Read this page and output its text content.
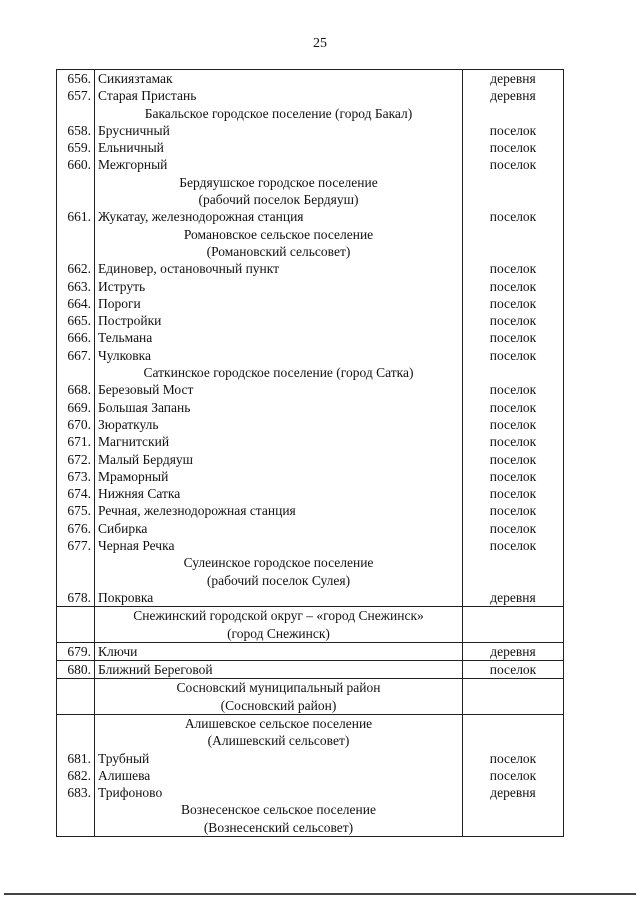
25
656.	Сикиязтамак	деревня
657.	Старая Пристань	деревня
	Бакальское городское поселение (город Бакал)	
658.	Брусничный	поселок
659.	Ельничный	поселок
660.	Межгорный	поселок
	Бердяушское городское поселение	
	(рабочий поселок Бердяуш)	
661.	Жукатау, железнодорожная станция	поселок
	Романовское сельское поселение	
	(Романовский сельсовет)	
662.	Единовер, остановочный пункт	поселок
663.	Иструть	поселок
664.	Пороги	поселок
665.	Постройки	поселок
666.	Тельмана	поселок
667.	Чулковка	поселок
	Саткинское городское поселение (город Сатка)	
668.	Березовый Мост	поселок
669.	Большая Запань	поселок
670.	Зюраткуль	поселок
671.	Магнитский	поселок
672.	Малый Бердяуш	поселок
673.	Мраморный	поселок
674.	Нижняя Сатка	поселок
675.	Речная, железнодорожная станция	поселок
676.	Сибирка	поселок
677.	Черная Речка	поселок
	Сулеинское городское поселение	
	(рабочий поселок Сулея)	
678.	Покровка	деревня
	Снежинский городской округ – «город Снежинск»	
	(город Снежинск)	
679.	Ключи	деревня
680.	Ближний Береговой	поселок
	Сосновский муниципальный район	
	(Сосновский район)	
	Алишевское сельское поселение	
	(Алишевский сельсовет)	
681.	Трубный	поселок
682.	Алишева	поселок
683.	Трифоново	деревня
	Вознесенское сельское поселение	
	(Вознесенский сельсовет)	
